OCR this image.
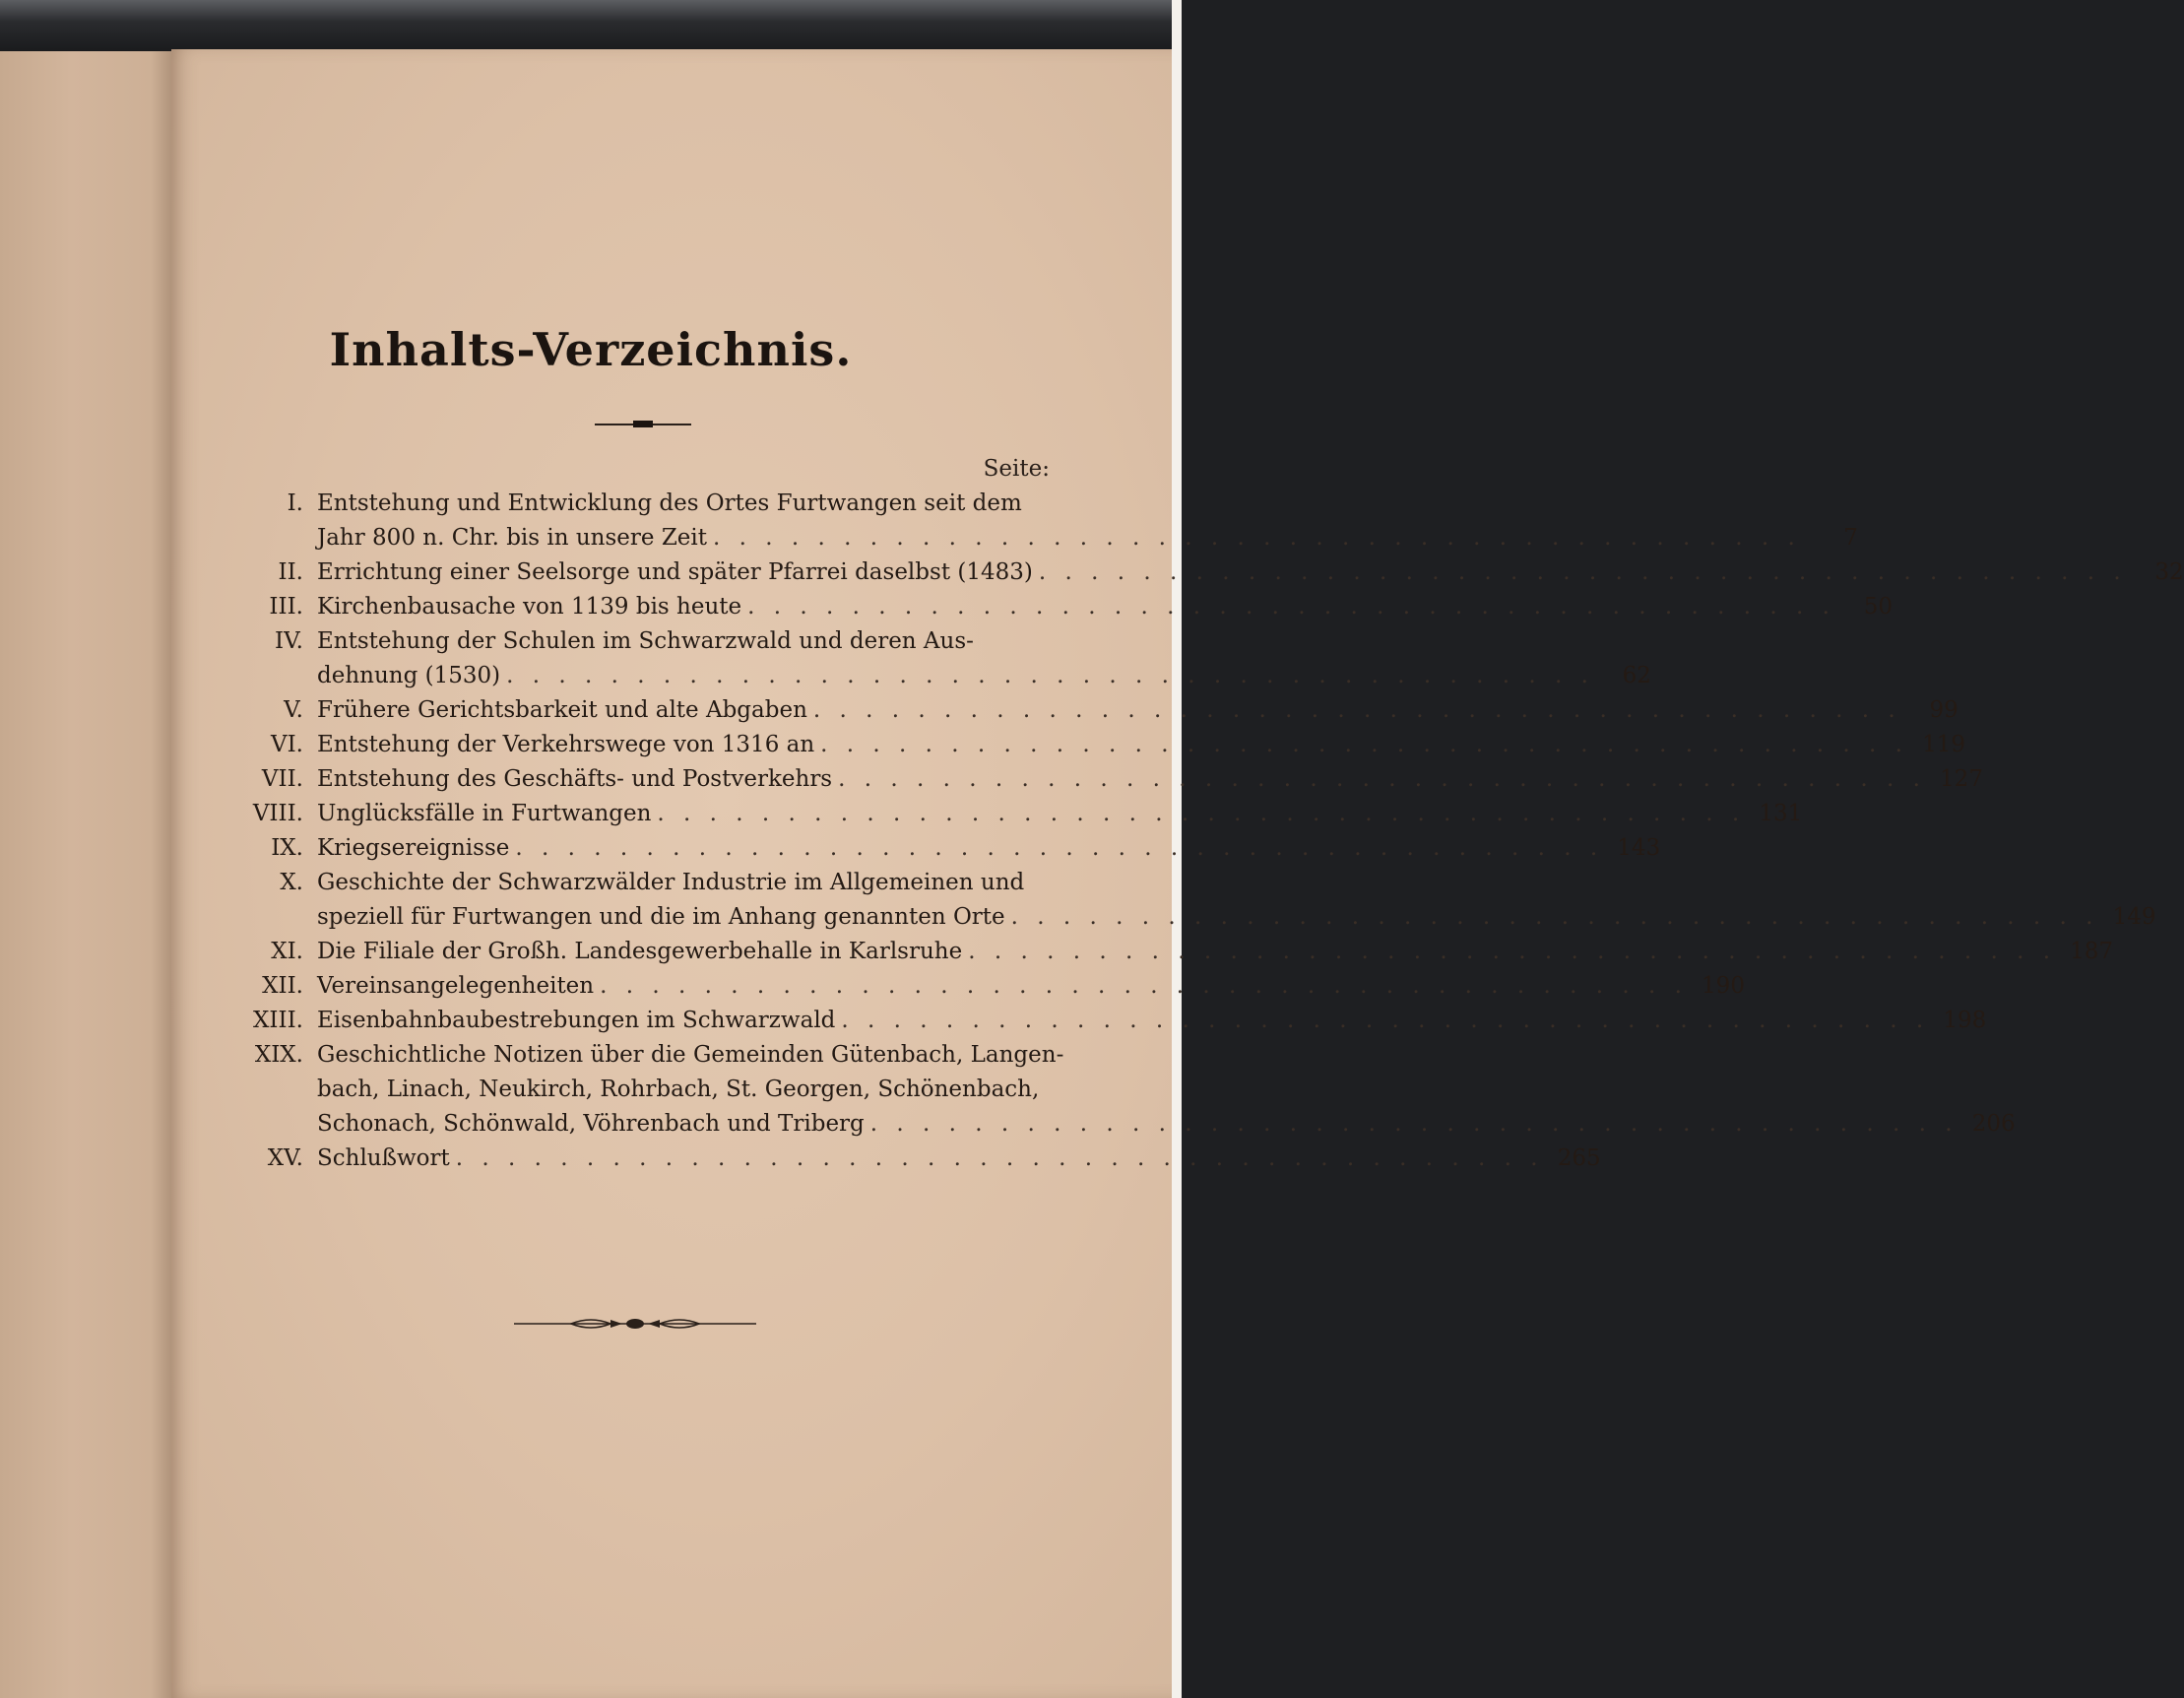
Inhalts-Verzeichnis.
Seite:
I. Entstehung und Entwicklung des Ortes Furtwangen seit dem
Jahr 800 n. Chr. bis in unsere Zeit . . . . . . . . . . . . . . . . . . . . . . . . . . . . . . . . . . . . . . . . . .	7
II. Errichtung einer Seelsorge und später Pfarrei daselbst (1483) . . . . . . . . . . . . . . . . . . . . . . . . . . . . . . . . . . . . . . . . . .	32
III. Kirchenbausache von 1139 bis heute . . . . . . . . . . . . . . . . . . . . . . . . . . . . . . . . . . . . . . . . . .	50
IV. Entstehung der Schulen im Schwarzwald und deren Aus-
dehnung (1530) . . . . . . . . . . . . . . . . . . . . . . . . . . . . . . . . . . . . . . . . . .	62
V. Frühere Gerichtsbarkeit und alte Abgaben . . . . . . . . . . . . . . . . . . . . . . . . . . . . . . . . . . . . . . . . . .	99
VI. Entstehung der Verkehrswege von 1316 an . . . . . . . . . . . . . . . . . . . . . . . . . . . . . . . . . . . . . . . . . . 119
VII. Entstehung des Geschäfts- und Postverkehrs . . . . . . . . . . . . . . . . . . . . . . . . . . . . . . . . . . . . . . . . . . 127
VIII. Unglücksfälle in Furtwangen . . . . . . . . . . . . . . . . . . . . . . . . . . . . . . . . . . . . . . . . . . 131
IX. Kriegsereignisse . . . . . . . . . . . . . . . . . . . . . . . . . . . . . . . . . . . . . . . . . . 143
X. Geschichte der Schwarzwälder Industrie im Allgemeinen und
speziell für Furtwangen und die im Anhang genannten Orte . . . . . . . . . . . . . . . . . . . . . . . . . . . . . . . . . . . . . . . . . . 149
XI. Die Filiale der Großh. Landesgewerbehalle in Karlsruhe . . . . . . . . . . . . . . . . . . . . . . . . . . . . . . . . . . . . . . . . . . 187
XII. Vereinsangelegenheiten . . . . . . . . . . . . . . . . . . . . . . . . . . . . . . . . . . . . . . . . . . 190
XIII. Eisenbahnbaubestrebungen im Schwarzwald . . . . . . . . . . . . . . . . . . . . . . . . . . . . . . . . . . . . . . . . . . 198
XIX. Geschichtliche Notizen über die Gemeinden Gütenbach, Langen-
bach, Linach, Neukirch, Rohrbach, St. Georgen, Schönenbach,
Schonach, Schönwald, Vöhrenbach und Triberg . . . . . . . . . . . . . . . . . . . . . . . . . . . . . . . . . . . . . . . . . . 206
XV. Schlußwort . . . . . . . . . . . . . . . . . . . . . . . . . . . . . . . . . . . . . . . . . . 265
